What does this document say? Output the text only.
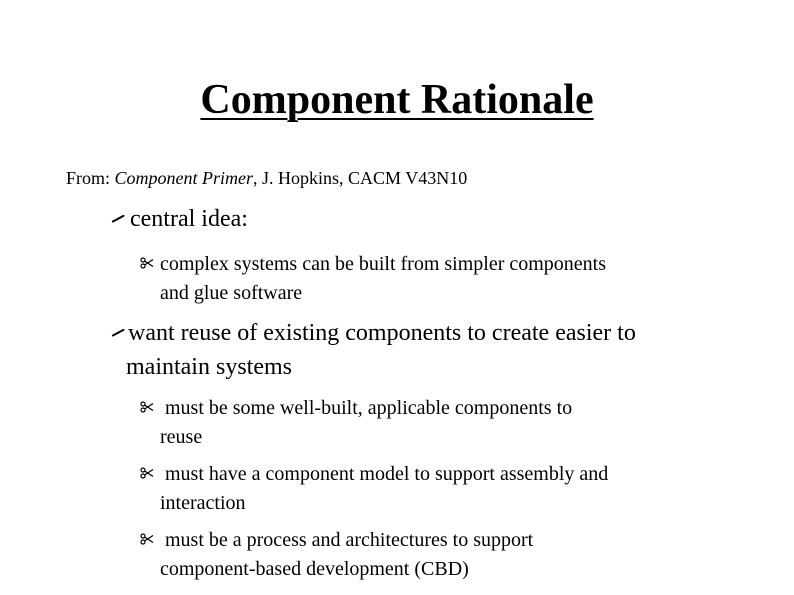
Component Rationale
From: Component Primer, J. Hopkins, CACM V43N10
central idea:
complex systems can be built from simpler components
and glue software
want reuse of existing components to create easier to
maintain systems
must be some well-built, applicable components to
reuse
must have a component model to support assembly and
interaction
must be a process and architectures to support
component-based development (CBD)
